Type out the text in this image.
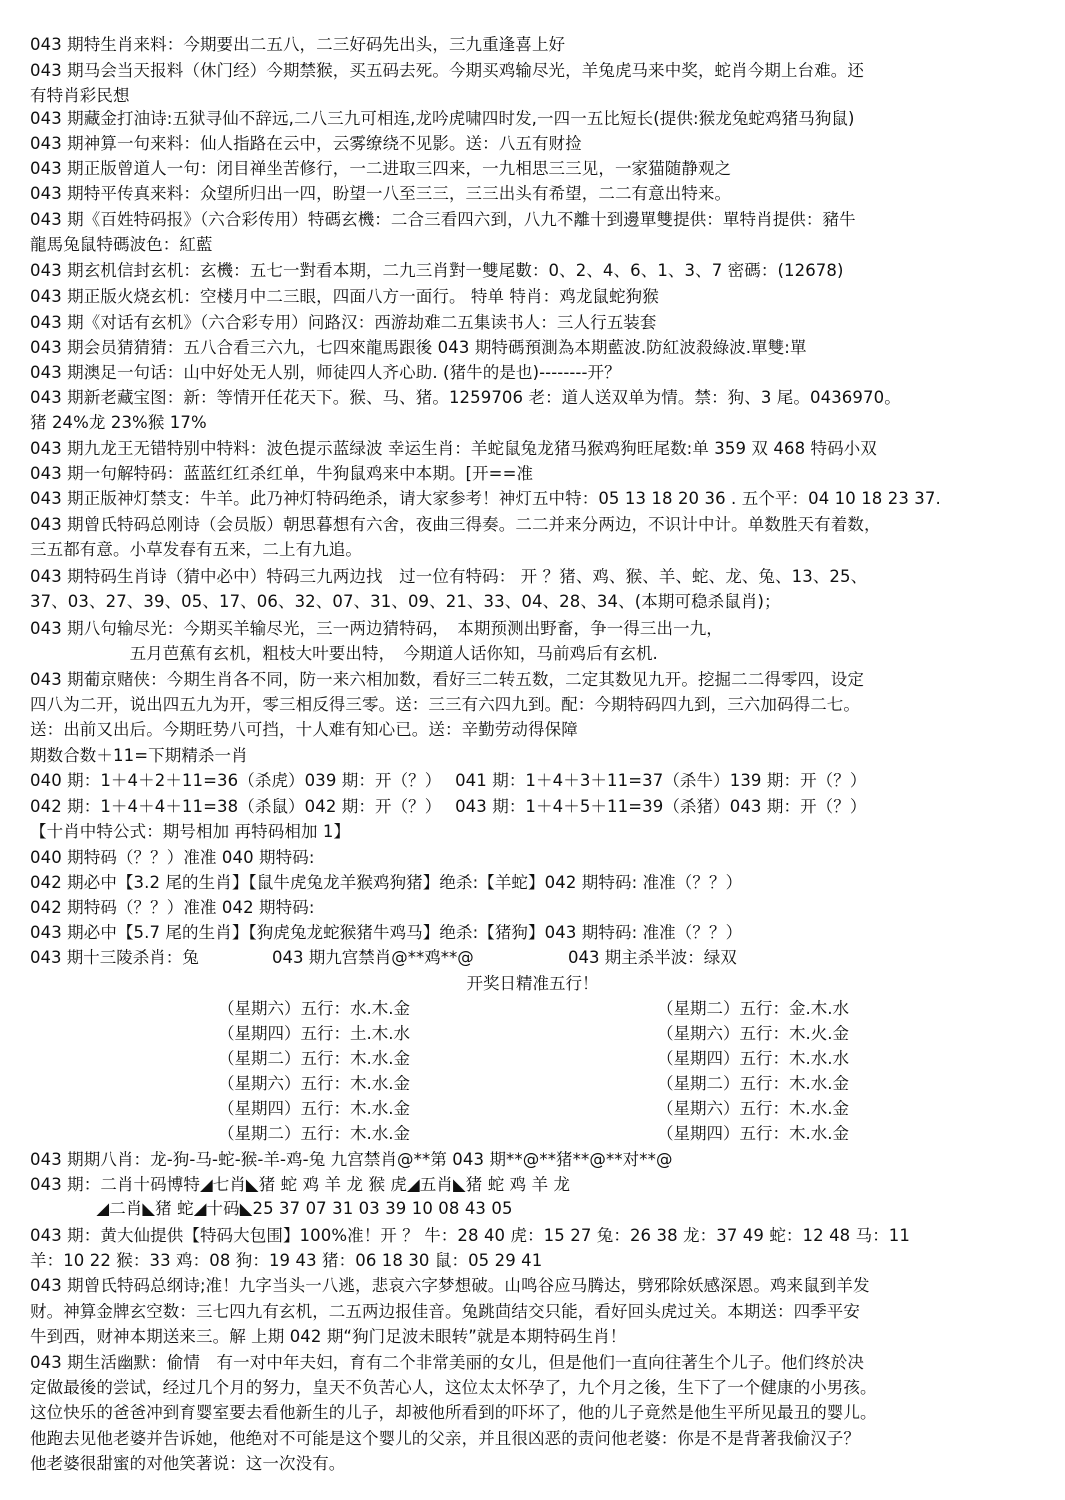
043 期特生肖来料：今期要出二五八，二三好码先出头，三九重逢喜上好
043 期马会当天报料（休门经）今期禁猴，买五码去死。今期买鸡输尽光，羊兔虎马来中奖，蛇肖今期上台难。还
有特肖彩民想
043 期藏金打油诗:五狱寻仙不辞远,二八三九可相连,龙吟虎啸四时发,一四一五比短长(提供:猴龙兔蛇鸡猪马狗鼠)
043 期神算一句来料：仙人指路在云中，云雾缭绕不见影。送：八五有财捡
043 期正版曾道人一句：闭目禅坐苦修行，一二进取三四来，一九相思三三见，一家猫随静观之
043 期特平传真来料：众望所归出一四，盼望一八至三三，三三出头有希望，二二有意出特来。
043 期《百姓特码报》（六合彩传用）特碼玄機：二合三看四六到，八九不離十到邊單雙提供：單特肖提供：豬牛
龍馬兔鼠特碼波色：紅藍
043 期玄机信封玄机：玄機：五七一對看本期，二九三肖對一雙尾數：0、2、4、6、1、3、7 密碼：(12678)
043 期正版火烧玄机：空楼月中二三眼，四面八方一面行。 特单 特肖：鸡龙鼠蛇狗猴
043 期《对话有玄机》（六合彩专用）问路汉：西游劫难二五集读书人：三人行五装套
043 期会员猜猜猜：五八合看三六九，七四來龍馬跟後 043 期特碼預測為本期藍波.防紅波殺綠波.單雙:單
043 期澳足一句话：山中好处无人别，师徒四人齐心助. (猪牛的是也)--------开？
043 期新老藏宝图：新：等情开任花天下。猴、马、猪。1259706 老：道人送双单为情。禁：狗、3 尾。0436970。
猪 24%龙 23%猴 17%
043 期九龙王无错特别中特料：波色提示蓝绿波 幸运生肖：羊蛇鼠兔龙猪马猴鸡狗旺尾数:单 359 双 468 特码小双
043 期一句解特码：蓝蓝红红杀红单，牛狗鼠鸡来中本期。[开==准
043 期正版神灯禁支：牛羊。此乃神灯特码绝杀，请大家参考！神灯五中特：05 13 18 20 36 . 五个平：04 10 18 23 37.
043 期曾氏特码总刚诗（会员版）朝思暮想有六舍，夜曲三得奏。二二并来分两边，不识计中计。单数胜天有着数，
三五都有意。小草发春有五来，二上有九追。
043 期特码生肖诗（猜中必中）特码三九两边找　过一位有特码： 开 ？猪、鸡、猴、羊、蛇、龙、兔、13、25、
37、03、27、39、05、17、06、32、07、31、09、21、33、04、28、34、(本期可稳杀鼠肖)；
043 期八句输尽光：今期买羊输尽光，三一两边猜特码，　本期预测出野畜，争一得三出一九，
　　　　　　五月芭蕉有玄机，粗枝大叶要出特，　今期道人话你知，马前鸡后有玄机.
043 期葡京赌侠：今期生肖各不同，防一来六相加数，看好三二转五数，二定其数见九开。挖掘二二得零四，设定
四八为二开，说出四五九为开，零三相反得三零。送：三三有六四九到。配：今期特码四九到，三六加码得二七。
送：出前又出后。今期旺势八可挡，十人难有知心已。送：辛勤劳动得保障
期数合数＋11=下期精杀一肖
040 期：1＋4＋2＋11=36（杀虎）039 期：开（？）　 041 期：1＋4＋3＋11=37（杀牛）139 期：开（？）
042 期：1＋4＋4＋11=38（杀鼠）042 期：开（？）　 043 期：1＋4＋5＋11=39（杀猪）043 期：开（？）
【十肖中特公式：期号相加 再特码相加 1】
040 期特码（？？）准准 040 期特码:
042 期必中【3.2 尾的生肖】【鼠牛虎兔龙羊猴鸡狗猪】绝杀:【羊蛇】042 期特码: 准准（？？）
042 期特码（？？）准准 042 期特码:
043 期必中【5.7 尾的生肖】【狗虎兔龙蛇猴猪牛鸡马】绝杀:【猪狗】043 期特码: 准准（？？）
043 期十三陵杀肖：兔	043 期九宫禁肖@**鸡**@	043 期主杀半波：绿双
开奖日精准五行！
（星期六）五行：水.木.金
（星期四）五行：土.木.水
（星期二）五行：木.水.金
（星期六）五行：木.水.金
（星期四）五行：木.水.金
（星期二）五行：木.水.金
（星期二）五行：金.木.水
（星期六）五行：木.火.金
（星期四）五行：木.水.水
（星期二）五行：木.水.金
（星期六）五行：木.水.金
（星期四）五行：木.水.金
043 期期八肖：龙-狗-马-蛇-猴-羊-鸡-兔 九宫禁肖@**第 043 期**@**猪**@**对**@
043 期：二肖十码博特◢七肖◣猪 蛇 鸡 羊 龙 猴 虎◢五肖◣猪 蛇 鸡 羊 龙
　　　　◢二肖◣猪 蛇◢十码◣25 37 07 31 03 39 10 08 43 05
043 期：黄大仙提供【特码大包围】100%准！开 ？ 牛：28 40 虎：15 27 兔：26 38 龙：37 49 蛇：12 48 马：11
羊：10 22 猴：33 鸡：08 狗：19 43 猪：06 18 30 鼠：05 29 41
043 期曾氏特码总纲诗;准！九字当头一八逃，悲哀六字梦想破。山鸣谷应马腾达，劈邪除妖感深恩。鸡来鼠到羊发
财。神算金牌玄空数：三七四九有玄机，二五两边报佳音。兔跳茴结交只能，看好回头虎过关。本期送：四季平安
牛到西，财神本期送来三。解 上期 042 期“狗门足波未眼转”就是本期特码生肖！
043 期生活幽默：偷情　有一对中年夫妇，育有二个非常美丽的女儿，但是他们一直向往著生个儿子。他们终於决
定做最後的尝试，经过几个月的努力，皇天不负苦心人，这位太太怀孕了，九个月之後，生下了一个健康的小男孩。
这位快乐的爸爸冲到育婴室要去看他新生的儿子，却被他所看到的吓坏了，他的儿子竟然是他生平所见最丑的婴儿。
他跑去见他老婆并告诉她，他绝对不可能是这个婴儿的父亲，并且很凶恶的责问他老婆：你是不是背著我偷汉子？
他老婆很甜蜜的对他笑著说：这一次没有。
